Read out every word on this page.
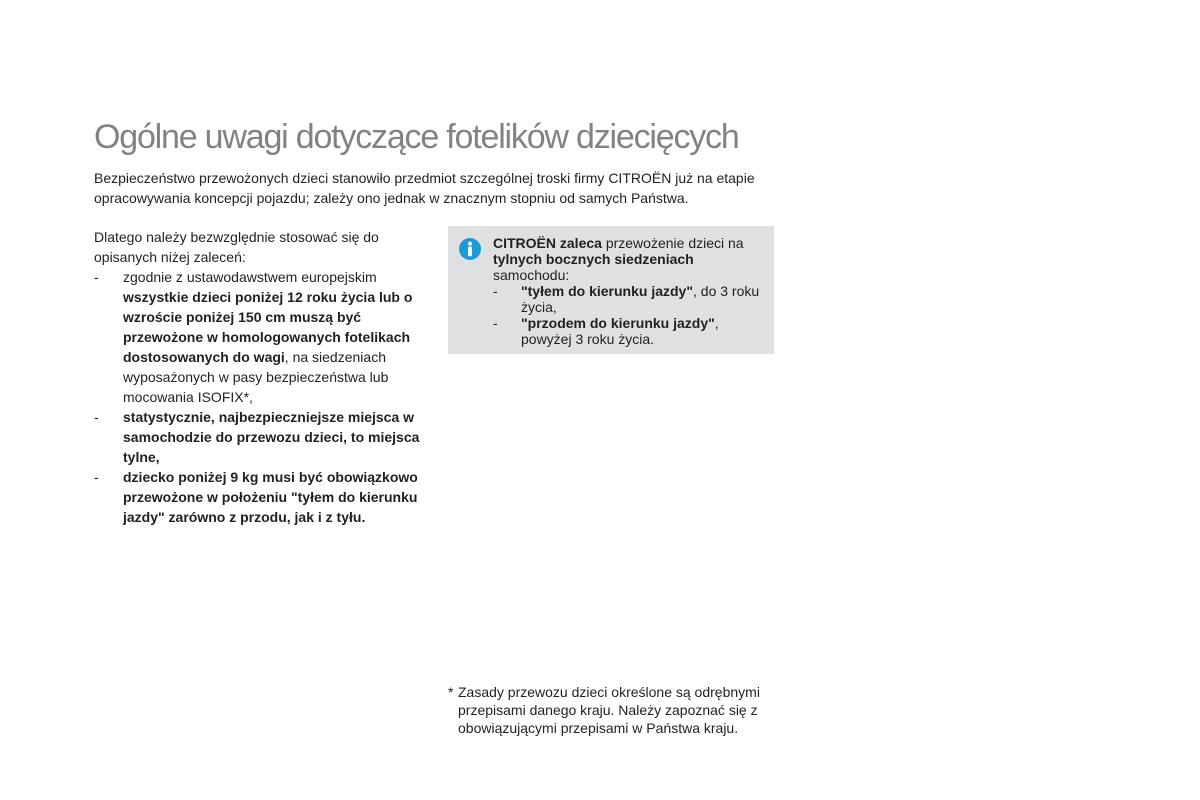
Ogólne uwagi dotyczące fotelików dziecięcych

Bezpieczeństwo przewożonych dzieci stanowiło przedmiot szczególnej troski firmy CITROËN już na etapie opracowywania koncepcji pojazdu; zależy ono jednak w znacznym stopniu od samych Państwa.

Dlatego należy bezwzględnie stosować się do opisanych niżej zaleceń:

- zgodnie z ustawodawstwem europejskim wszystkie dzieci poniżej 12 roku życia lub o wzroście poniżej 150 cm muszą być przewożone w homologowanych fotelikach dostosowanych do wagi, na siedzeniach wyposażonych w pasy bezpieczeństwa lub mocowania ISOFIX*,
- statystycznie, najbezpieczniejsze miejsca w samochodzie do przewozu dzieci, to miejsca tylne,
- dziecko poniżej 9 kg musi być obowiązkowo przewożone w położeniu "tyłem do kierunku jazdy" zarówno z przodu, jak i z tyłu.

CITROËN zaleca przewożenie dzieci na tylnych bocznych siedzeniach samochodu:

- "tyłem do kierunku jazdy", do 3 roku życia,
- "przodem do kierunku jazdy", powyżej 3 roku życia.
* Zasady przewozu dzieci określone są odrębnymi przepisami danego kraju. Należy zapoznać się z obowiązującymi przepisami w Państwa kraju.
